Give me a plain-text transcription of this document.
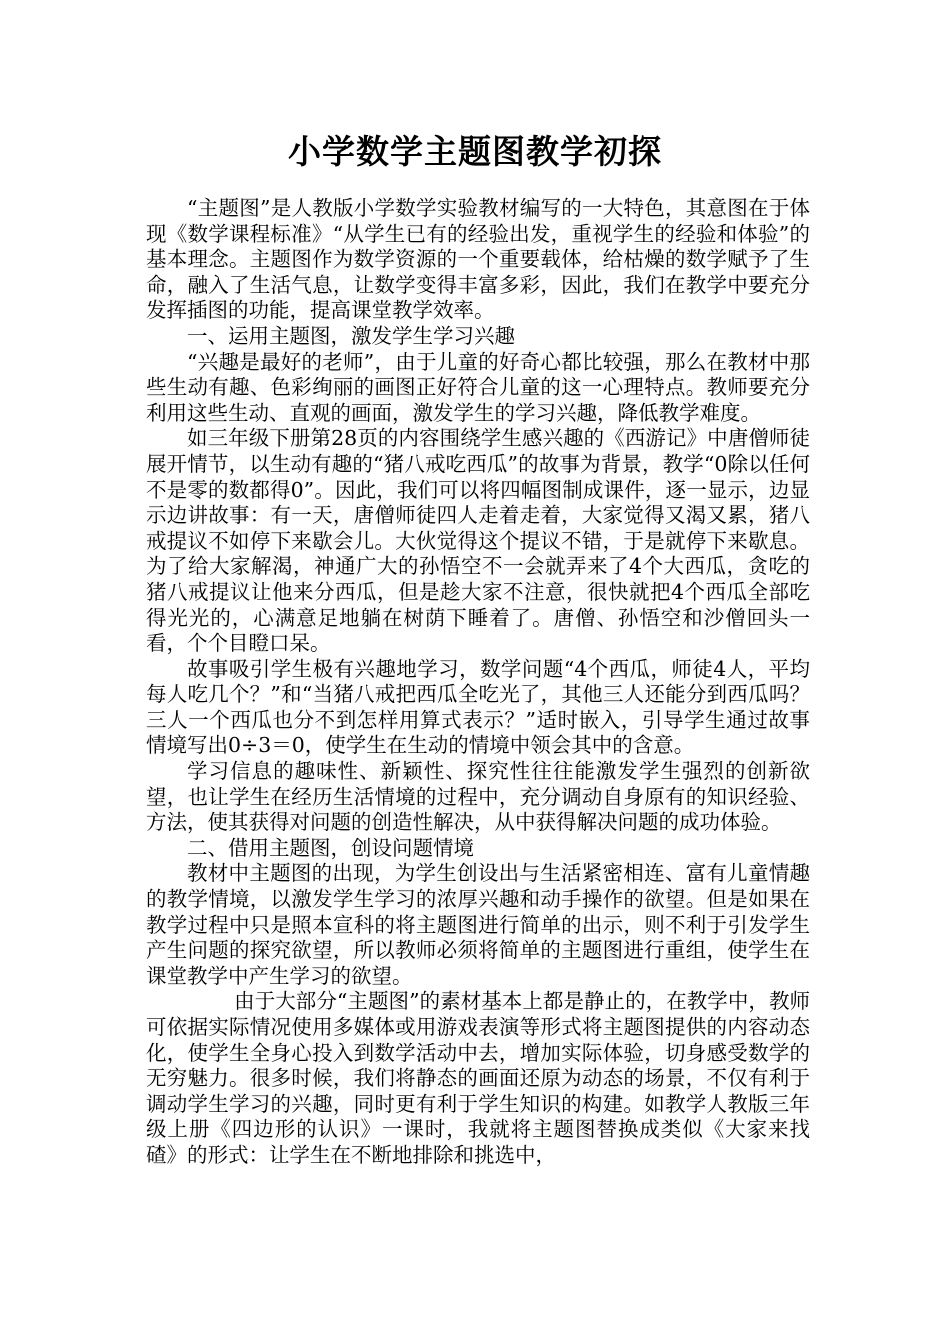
小学数学主题图教学初探

“主题图”是人教版小学数学实验教材编写的一大特色，其意图在于体现《数学课程标准》“从学生已有的经验出发，重视学生的经验和体验”的基本理念。主题图作为数学资源的一个重要载体，给枯燥的数学赋予了生命，融入了生活气息，让数学变得丰富多彩，因此，我们在教学中要充分发挥插图的功能，提高课堂教学效率。

一、运用主题图，激发学生学习兴趣

“兴趣是最好的老师”，由于儿童的好奇心都比较强，那么在教材中那些生动有趣、色彩绚丽的画图正好符合儿童的这一心理特点。教师要充分利用这些生动、直观的画面，激发学生的学习兴趣，降低教学难度。

如三年级下册第28页的内容围绕学生感兴趣的《西游记》中唐僧师徒展开情节，以生动有趣的“猪八戒吃西瓜”的故事为背景，教学“0除以任何不是零的数都得0”。因此，我们可以将四幅图制成课件，逐一显示，边显示边讲故事：有一天，唐僧师徒四人走着走着，大家觉得又渴又累，猪八戒提议不如停下来歇会儿。大伙觉得这个提议不错，于是就停下来歇息。为了给大家解渴，神通广大的孙悟空不一会就弄来了4个大西瓜，贪吃的猪八戒提议让他来分西瓜，但是趁大家不注意，很快就把4个西瓜全部吃得光光的，心满意足地躺在树荫下睡着了。唐僧、孙悟空和沙僧回头一看，个个目瞪口呆。

故事吸引学生极有兴趣地学习，数学问题“4个西瓜，师徒4人，平均每人吃几个？”和“当猪八戒把西瓜全吃光了，其他三人还能分到西瓜吗？三人一个西瓜也分不到怎样用算式表示？”适时嵌入，引导学生通过故事情境写出0÷3＝0，使学生在生动的情境中领会其中的含意。

学习信息的趣味性、新颖性、探究性往往能激发学生强烈的创新欲望，也让学生在经历生活情境的过程中，充分调动自身原有的知识经验、方法，使其获得对问题的创造性解决，从中获得解决问题的成功体验。

二、借用主题图，创设问题情境

教材中主题图的出现，为学生创设出与生活紧密相连、富有儿童情趣的教学情境，以激发学生学习的浓厚兴趣和动手操作的欲望。但是如果在教学过程中只是照本宣科的将主题图进行简单的出示，则不利于引发学生产生问题的探究欲望，所以教师必须将简单的主题图进行重组，使学生在课堂教学中产生学习的欲望。

由于大部分“主题图”的素材基本上都是静止的，在教学中，教师可依据实际情况使用多媒体或用游戏表演等形式将主题图提供的内容动态化，使学生全身心投入到数学活动中去，增加实际体验，切身感受数学的无穷魅力。很多时候，我们将静态的画面还原为动态的场景，不仅有利于调动学生学习的兴趣，同时更有利于学生知识的构建。如教学人教版三年级上册《四边形的认识》一课时，我就将主题图替换成类似《大家来找碴》的形式：让学生在不断地排除和挑选中，
